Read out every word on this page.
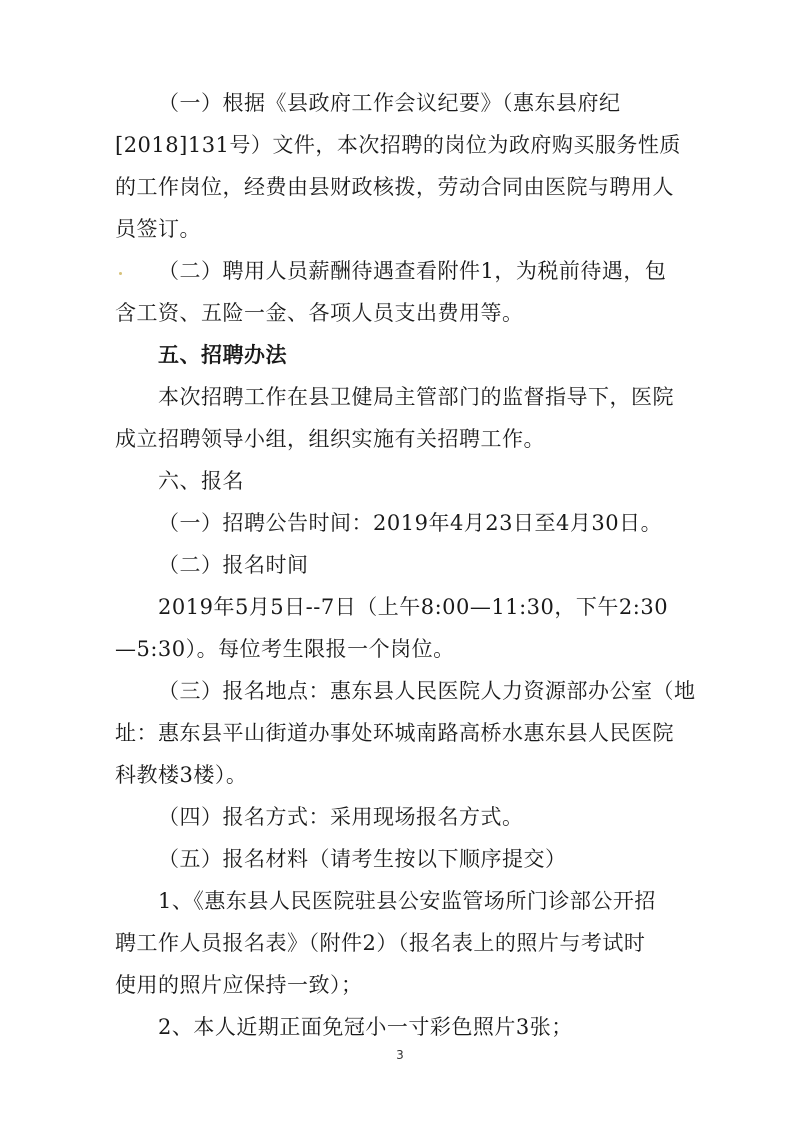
（一）根据《县政府工作会议纪要》（惠东县府纪
[2018]131号）文件，本次招聘的岗位为政府购买服务性质
的工作岗位，经费由县财政核拨，劳动合同由医院与聘用人
员签订。
（二）聘用人员薪酬待遇查看附件1，为税前待遇，包
含工资、五险一金、各项人员支出费用等。
五、招聘办法
本次招聘工作在县卫健局主管部门的监督指导下，医院
成立招聘领导小组，组织实施有关招聘工作。
六、报名
（一）招聘公告时间：2019年4月23日至4月30日。
（二）报名时间
2019年5月5日--7日（上午8:00—11:30，下午2:30
—5:30）。每位考生限报一个岗位。
（三）报名地点：惠东县人民医院人力资源部办公室（地
址：惠东县平山街道办事处环城南路高桥水惠东县人民医院
科教楼3楼）。
（四）报名方式：采用现场报名方式。
（五）报名材料（请考生按以下顺序提交）
1、《惠东县人民医院驻县公安监管场所门诊部公开招
聘工作人员报名表》（附件2）（报名表上的照片与考试时
使用的照片应保持一致）；
2、本人近期正面免冠小一寸彩色照片3张；
3
